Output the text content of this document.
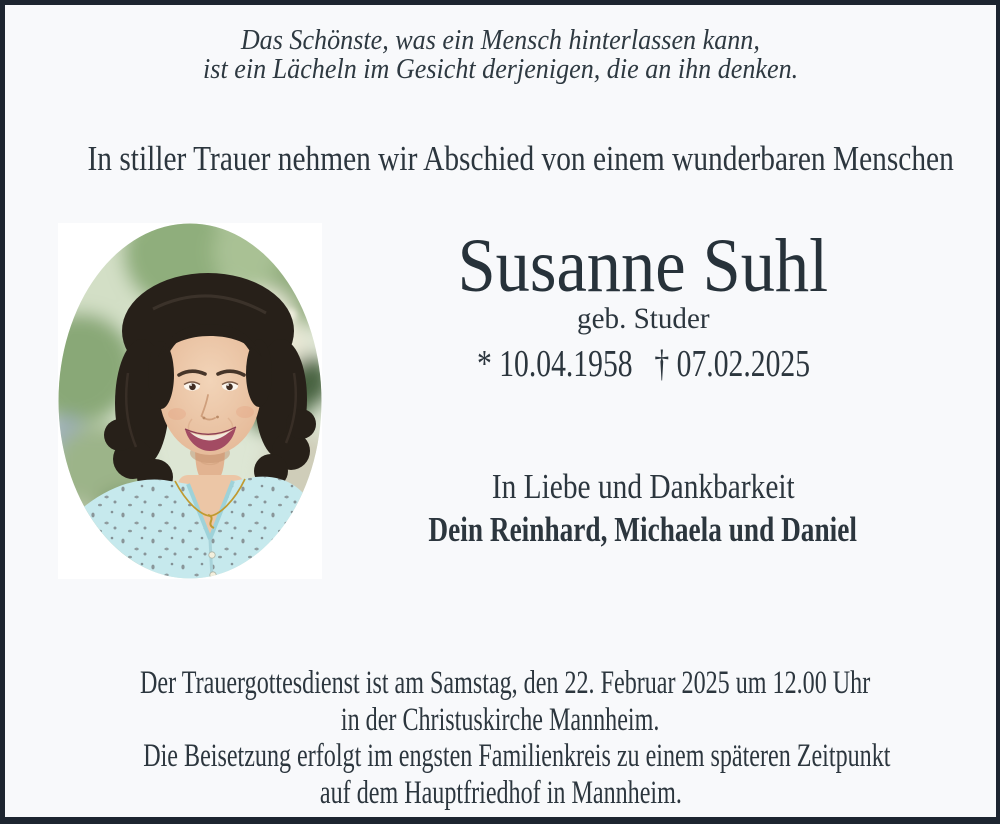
Das Schönste, was ein Mensch hinterlassen kann,
ist ein Lächeln im Gesicht derjenigen, die an ihn denken.
In stiller Trauer nehmen wir Abschied von einem wunderbaren Menschen
Susanne Suhl
geb. Studer
* 10.04.1958 † 07.02.2025
In Liebe und Dankbarkeit
Dein Reinhard, Michaela und Daniel
Der Trauergottesdienst ist am Samstag, den 22. Februar 2025 um 12.00 Uhr
in der Christuskirche Mannheim.
Die Beisetzung erfolgt im engsten Familienkreis zu einem späteren Zeitpunkt
auf dem Hauptfriedhof in Mannheim.
